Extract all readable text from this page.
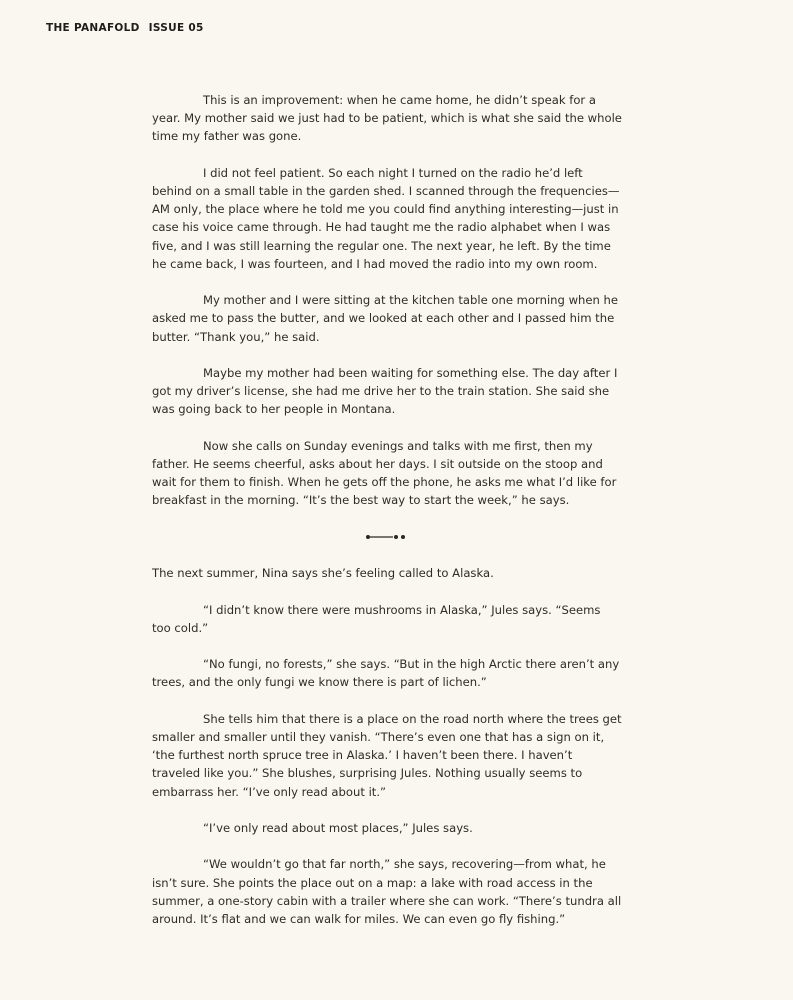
THE PANAFOLD ISSUE 05

This is an improvement: when he came home, he didn’t speak for a year. My mother said we just had to be patient, which is what she said the whole time my father was gone.

I did not feel patient. So each night I turned on the radio he’d left behind on a small table in the garden shed. I scanned through the frequencies—AM only, the place where he told me you could find anything interesting—just in case his voice came through. He had taught me the radio alphabet when I was five, and I was still learning the regular one. The next year, he left. By the time he came back, I was fourteen, and I had moved the radio into my own room.

My mother and I were sitting at the kitchen table one morning when he asked me to pass the butter, and we looked at each other and I passed him the butter. “Thank you,” he said.

Maybe my mother had been waiting for something else. The day after I got my driver’s license, she had me drive her to the train station. She said she was going back to her people in Montana.

Now she calls on Sunday evenings and talks with me first, then my father. He seems cheerful, asks about her days. I sit outside on the stoop and wait for them to finish. When he gets off the phone, he asks me what I’d like for breakfast in the morning. “It’s the best way to start the week,” he says.

The next summer, Nina says she’s feeling called to Alaska.

“I didn’t know there were mushrooms in Alaska,” Jules says. “Seems too cold.”

“No fungi, no forests,” she says. “But in the high Arctic there aren’t any trees, and the only fungi we know there is part of lichen.”

She tells him that there is a place on the road north where the trees get smaller and smaller until they vanish. “There’s even one that has a sign on it, ‘the furthest north spruce tree in Alaska.’ I haven’t been there. I haven’t traveled like you.” She blushes, surprising Jules. Nothing usually seems to embarrass her. “I’ve only read about it.”

“I’ve only read about most places,” Jules says.

“We wouldn’t go that far north,” she says, recovering—from what, he isn’t sure. She points the place out on a map: a lake with road access in the summer, a one-story cabin with a trailer where she can work. “There’s tundra all around. It’s flat and we can walk for miles. We can even go fly fishing.”
